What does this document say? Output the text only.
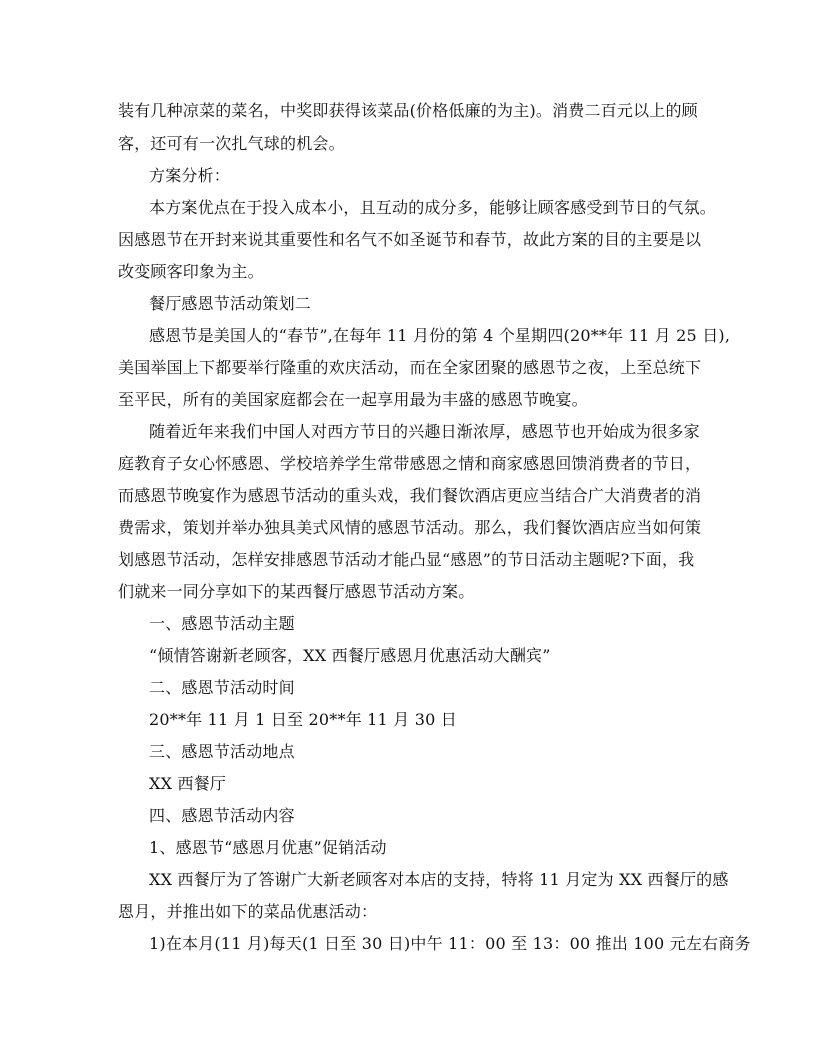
装有几种凉菜的菜名，中奖即获得该菜品(价格低廉的为主)。消费二百元以上的顾
客，还可有一次扎气球的机会。
方案分析：
本方案优点在于投入成本小，且互动的成分多，能够让顾客感受到节日的气氛。
因感恩节在开封来说其重要性和名气不如圣诞节和春节，故此方案的目的主要是以
改变顾客印象为主。
餐厅感恩节活动策划二
感恩节是美国人的“春节”,在每年 11 月份的第 4 个星期四(20**年 11 月 25 日),
美国举国上下都要举行隆重的欢庆活动，而在全家团聚的感恩节之夜，上至总统下
至平民，所有的美国家庭都会在一起享用最为丰盛的感恩节晚宴。
随着近年来我们中国人对西方节日的兴趣日渐浓厚，感恩节也开始成为很多家
庭教育子女心怀感恩、学校培养学生常带感恩之情和商家感恩回馈消费者的节日，
而感恩节晚宴作为感恩节活动的重头戏，我们餐饮酒店更应当结合广大消费者的消
费需求，策划并举办独具美式风情的感恩节活动。那么，我们餐饮酒店应当如何策
划感恩节活动，怎样安排感恩节活动才能凸显“感恩”的节日活动主题呢?下面，我
们就来一同分享如下的某西餐厅感恩节活动方案。
一、感恩节活动主题
“倾情答谢新老顾客，XX 西餐厅感恩月优惠活动大酬宾”
二、感恩节活动时间
20**年 11 月 1 日至 20**年 11 月 30 日
三、感恩节活动地点
XX 西餐厅
四、感恩节活动内容
1、感恩节“感恩月优惠”促销活动
XX 西餐厅为了答谢广大新老顾客对本店的支持，特将 11 月定为 XX 西餐厅的感
恩月，并推出如下的菜品优惠活动：
1)在本月(11 月)每天(1 日至 30 日)中午 11：00 至 13：00 推出 100 元左右商务
